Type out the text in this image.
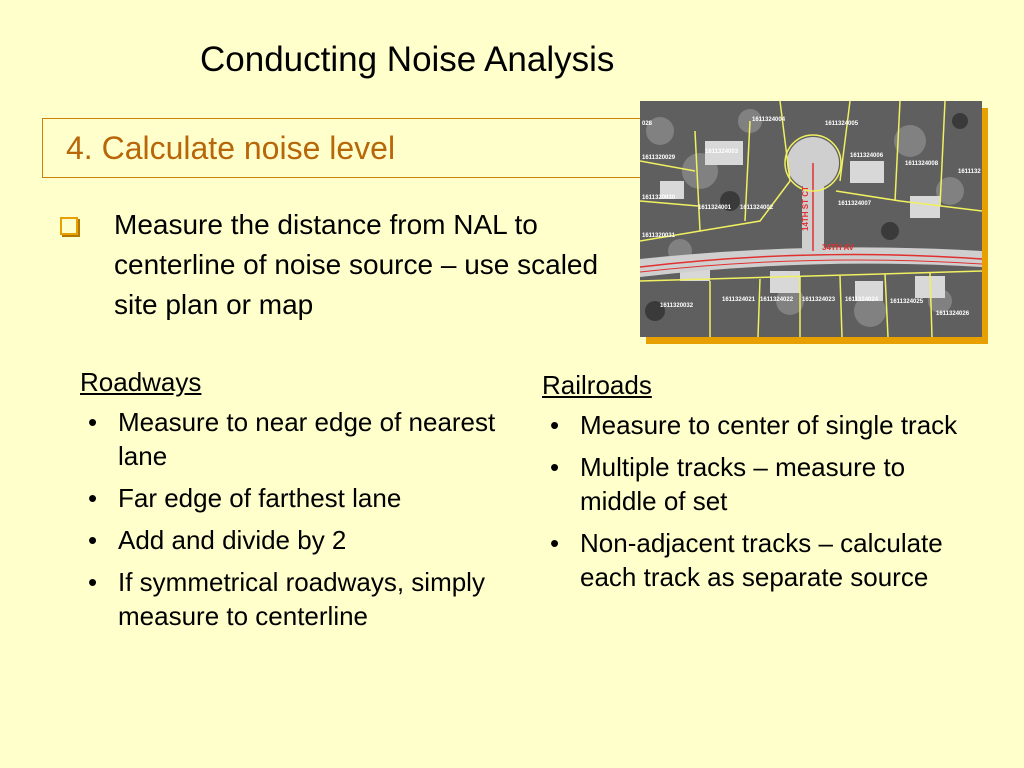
Conducting Noise Analysis
4. Calculate noise level
1611324004
1611324005
1611324006
1611324008
1611324003
1611324001 1611324002
1611324007
1611320032
1611324021 1611324022 1611324023 1611324024 1611324025
1611324026
1611320029
1611320030
1611320031
028
1611132
14TH ST CT
34TH AV
Measure the distance from NAL to centerline of noise source – use scaled site plan or map
Roadways
• Measure to near edge of nearest lane
• Far edge of farthest lane
• Add and divide by 2
• If symmetrical roadways, simply measure to centerline
Railroads
• Measure to center of single track
• Multiple tracks – measure to middle of set
• Non-adjacent tracks – calculate each track as separate source
